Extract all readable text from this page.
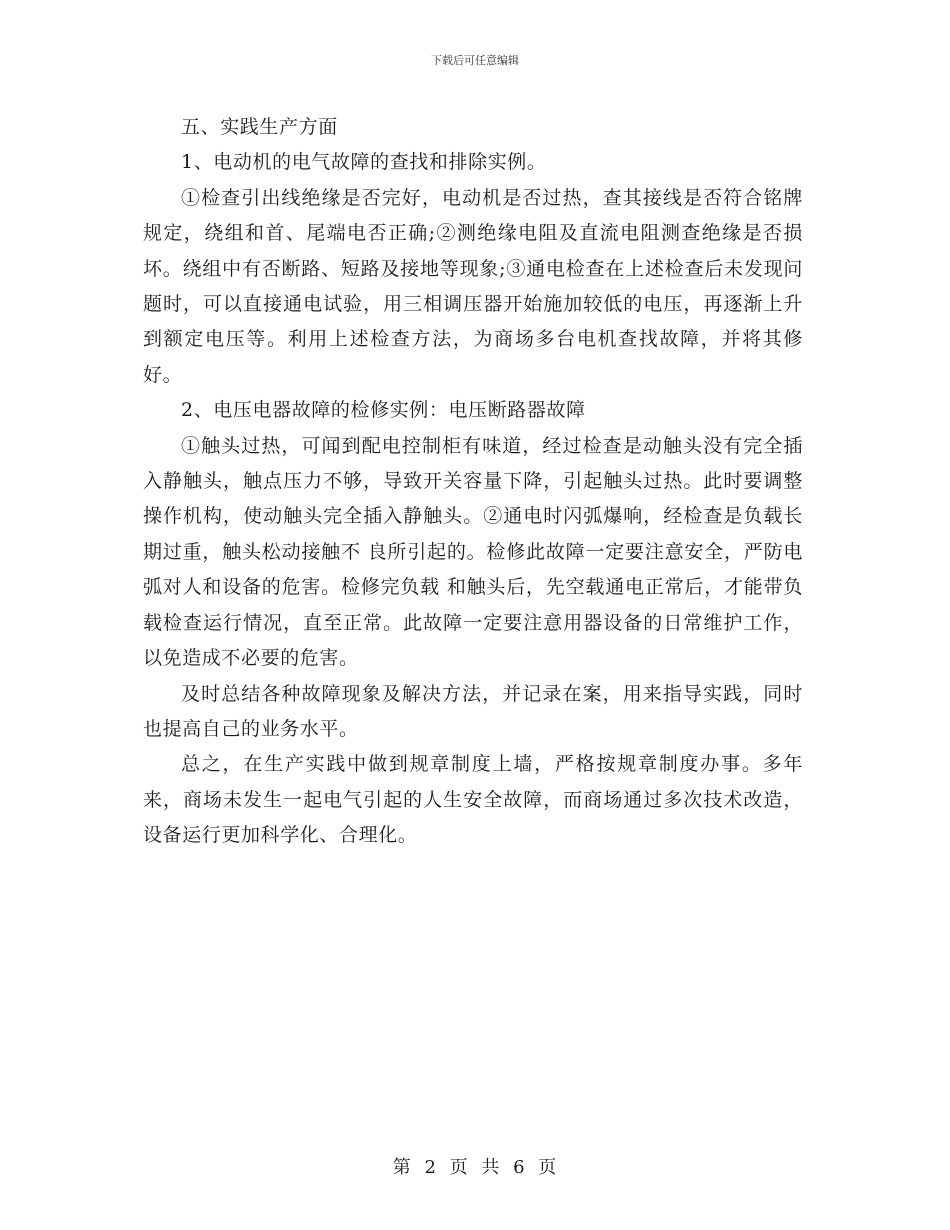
下载后可任意编辑

五、实践生产方面

1、电动机的电气故障的查找和排除实例。

①检查引出线绝缘是否完好，电动机是否过热，查其接线是否符合铭牌规定，绕组和首、尾端电否正确;②测绝缘电阻及直流电阻测查绝缘是否损坏。绕组中有否断路、短路及接地等现象;③通电检查在上述检查后未发现问题时，可以直接通电试验，用三相调压器开始施加较低的电压，再逐渐上升到额定电压等。利用上述检查方法，为商场多台电机查找故障，并将其修好。

2、电压电器故障的检修实例：电压断路器故障

①触头过热，可闻到配电控制柜有味道，经过检查是动触头没有完全插入静触头，触点压力不够，导致开关容量下降，引起触头过热。此时要调整操作机构，使动触头完全插入静触头。②通电时闪弧爆响，经检查是负载长期过重，触头松动接触不 良所引起的。检修此故障一定要注意安全，严防电弧对人和设备的危害。检修完负载 和触头后，先空载通电正常后，才能带负载检查运行情况，直至正常。此故障一定要注意用器设备的日常维护工作，以免造成不必要的危害。

及时总结各种故障现象及解决方法，并记录在案，用来指导实践，同时也提高自己的业务水平。

总之，在生产实践中做到规章制度上墙，严格按规章制度办事。多年来，商场未发生一起电气引起的人生安全故障，而商场通过多次技术改造，设备运行更加科学化、合理化。

第 2 页 共 6 页
